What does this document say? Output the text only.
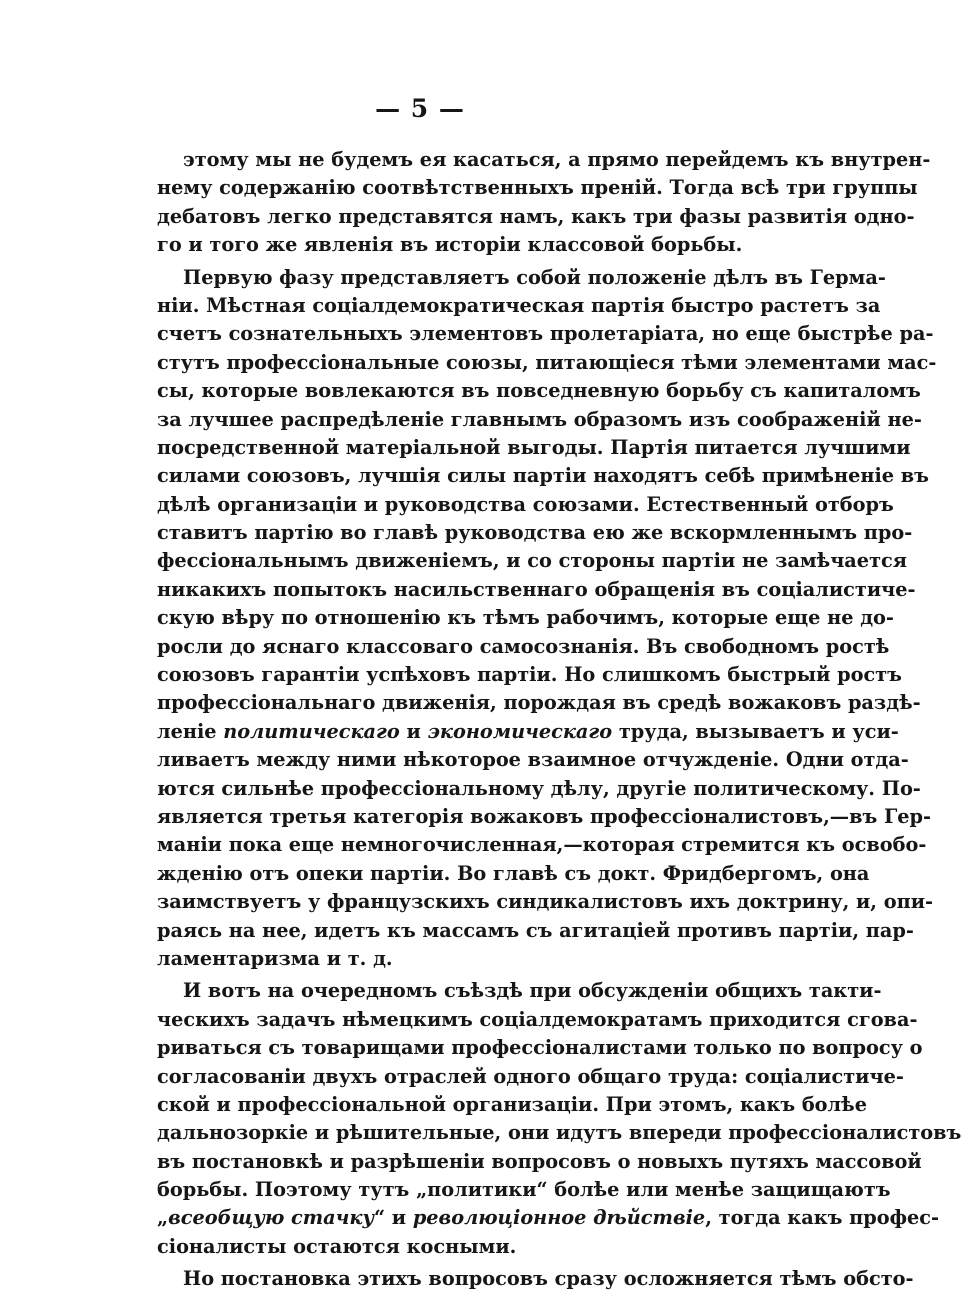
— 5 —
этому мы не будемъ ея касаться, а прямо перейдемъ къ внутрен-
нему содержанію соотвѣтственныхъ преній. Тогда всѣ три группы
дебатовъ легко представятся намъ, какъ три фазы развитія одно-
го и того же явленія въ исторіи классовой борьбы.
Первую фазу представляетъ собой положеніе дѣлъ въ Герма-
ніи. Мѣстная соціалдемократическая партія быстро растетъ за
счетъ сознательныхъ элементовъ пролетаріата, но еще быстрѣе ра-
стутъ профессіональные союзы, питающіеся тѣми элементами мас-
сы, которые вовлекаются въ повседневную борьбу съ капиталомъ
за лучшее распредѣленіе главнымъ образомъ изъ соображеній не-
посредственной матеріальной выгоды. Партія питается лучшими
силами союзовъ, лучшія силы партіи находятъ себѣ примѣненіе въ
дѣлѣ организаціи и руководства союзами. Естественный отборъ
ставитъ партію во главѣ руководства ею же вскормленнымъ про-
фессіональнымъ движеніемъ, и со стороны партіи не замѣчается
никакихъ попытокъ насильственнаго обращенія въ соціалистиче-
скую вѣру по отношенію къ тѣмъ рабочимъ, которые еще не до-
росли до яснаго классоваго самосознанія. Въ свободномъ ростѣ
союзовъ гарантіи успѣховъ партіи. Но слишкомъ быстрый ростъ
профессіональнаго движенія, порождая въ средѣ вожаковъ раздѣ-
леніе политическаго и экономическаго труда, вызываетъ и уси-
ливаетъ между ними нѣкоторое взаимное отчужденіе. Одни отда-
ются сильнѣе профессіональному дѣлу, другіе политическому. По-
является третья категорія вожаковъ профессіоналистовъ,—въ Гер-
маніи пока еще немногочисленная,—которая стремится къ освобо-
жденію отъ опеки партіи. Во главѣ съ докт. Фридбергомъ, она
заимствуетъ у французскихъ синдикалистовъ ихъ доктрину, и, опи-
раясь на нее, идетъ къ массамъ съ агитаціей противъ партіи, пар-
ламентаризма и т. д.
И вотъ на очередномъ съѣздѣ при обсужденіи общихъ такти-
ческихъ задачъ нѣмецкимъ соціалдемократамъ приходится сгова-
риваться съ товарищами профессіоналистами только по вопросу о
согласованіи двухъ отраслей одного общаго труда: соціалистиче-
ской и профессіональной организаціи. При этомъ, какъ болѣе
дальнозоркіе и рѣшительные, они идутъ впереди профессіоналистовъ
въ постановкѣ и разрѣшеніи вопросовъ о новыхъ путяхъ массовой
борьбы. Поэтому тутъ „политики“ болѣе или менѣе защищаютъ
„всеобщую стачку“ и революціонное дѣйствіе, тогда какъ профес-
сіоналисты остаются косными.
Но постановка этихъ вопросовъ сразу осложняется тѣмъ обсто-
